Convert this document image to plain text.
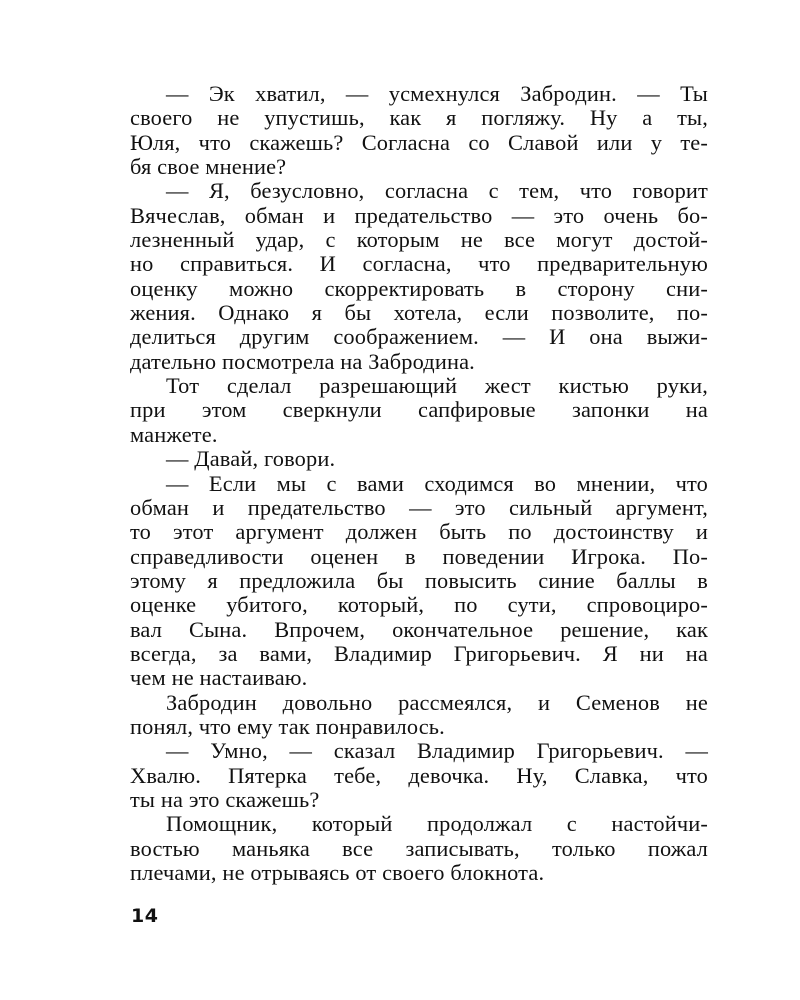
— Эк хватил, — усмехнулся Забродин. — Ты
своего не упустишь, как я погляжу. Ну а ты,
Юля, что скажешь? Согласна со Славой или у те-
бя свое мнение?
— Я, безусловно, согласна с тем, что говорит
Вячеслав, обман и предательство — это очень бо-
лезненный удар, с которым не все могут достой-
но справиться. И согласна, что предварительную
оценку можно скорректировать в сторону сни-
жения. Однако я бы хотела, если позволите, по-
делиться другим соображением. — И она выжи-
дательно посмотрела на Забродина.
Тот сделал разрешающий жест кистью руки,
при этом сверкнули сапфировые запонки на
манжете.
— Давай, говори.
— Если мы с вами сходимся во мнении, что
обман и предательство — это сильный аргумент,
то этот аргумент должен быть по достоинству и
справедливости оценен в поведении Игрока. По-
этому я предложила бы повысить синие баллы в
оценке убитого, который, по сути, спровоциро-
вал Сына. Впрочем, окончательное решение, как
всегда, за вами, Владимир Григорьевич. Я ни на
чем не настаиваю.
Забродин довольно рассмеялся, и Семенов не
понял, что ему так понравилось.
— Умно, — сказал Владимир Григорьевич. —
Хвалю. Пятерка тебе, девочка. Ну, Славка, что
ты на это скажешь?
Помощник, который продолжал с настойчи-
востью маньяка все записывать, только пожал
плечами, не отрываясь от своего блокнота.
14
